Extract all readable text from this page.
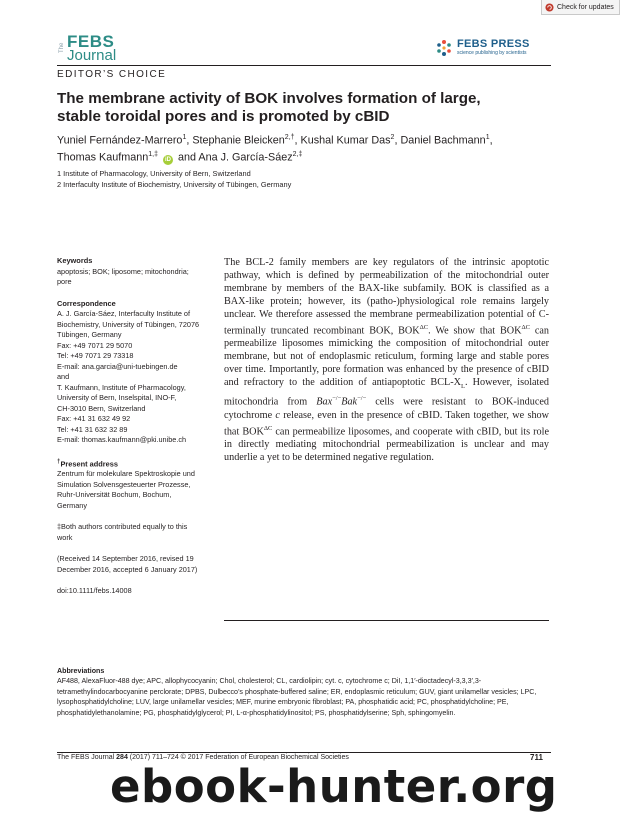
Check for updates
The FEBS
Journal
FEBS PRESS
science publishing by scientists
EDITOR’S CHOICE
The membrane activity of BOK involves formation of large,
stable toroidal pores and is promoted by cBID
Yuniel Fernández-Marrero$^1$, Stephanie Bleicken$^{2,\dagger}$, Kushal Kumar Das$^2$, Daniel Bachmann$^1$,
Thomas Kaufmann$^{1,\ddagger}$ iD and Ana J. García-Sáez$^{2,\ddagger}$
1 Institute of Pharmacology, University of Bern, Switzerland
2 Interfaculty Institute of Biochemistry, University of Tübingen, Germany
Keywords
apoptosis; BOK; liposome; mitochondria;
pore
Correspondence
A. J. García-Sáez, Interfaculty Institute of
Biochemistry, University of Tübingen, 72076
Tübingen, Germany
Fax: +49 7071 29 5070
Tel: +49 7071 29 73318
E-mail: ana.garcia@uni-tuebingen.de
and
T. Kaufmann, Institute of Pharmacology,
University of Bern, Inselspital, INO-F,
CH-3010 Bern, Switzerland
Fax: +41 31 632 49 92
Tel: +41 31 632 32 89
E-mail: thomas.kaufmann@pki.unibe.ch
†Present address
Zentrum für molekulare Spektroskopie und
Simulation Solvensgesteuerter Prozesse,
Ruhr-Universität Bochum, Bochum,
Germany
‡Both authors contributed equally to this
work
(Received 14 September 2016, revised 19
December 2016, accepted 6 January 2017)
doi:10.1111/febs.14008
The BCL-2 family members are key regulators of the intrinsic apoptotic pathway, which is defined by permeabilization of the mitochondrial outer membrane by members of the BAX-like subfamily. BOK is classified as a BAX-like protein; however, its (patho-)physiological role remains largely unclear. We therefore assessed the membrane permeabilization potential of C-terminally truncated recombinant BOK, $BOK^{\Delta C}$. We show that $BOK^{\Delta C}$ can permeabilize liposomes mimicking the composition of mitochondrial outer membrane, but not of endoplasmic reticulum, forming large and stable pores over time. Importantly, pore formation was enhanced by the presence of cBID and refractory to the addition of antiapoptotic BCL-$X_L$. However, isolated mitochondria from Bax−/−Bak−/− cells were resistant to BOK-induced cytochrome c release, even in the presence of cBID. Taken together, we show that $BOK^{\Delta C}$ can permeabilize liposomes, and cooperate with cBID, but its role in directly mediating mitochondrial permeabilization is unclear and may underlie a yet to be determined negative regulation.
Abbreviations
AF488, AlexaFluor-488 dye; APC, allophycocyanin; Chol, cholesterol; CL, cardiolipin; cyt. c, cytochrome c; DiI, 1,1′-dioctadecyl-3,3,3′,3-tetramethylindocarbocyanine perclorate; DPBS, Dulbecco’s phosphate-buffered saline; ER, endoplasmic reticulum; GUV, giant unilamellar vesicles; LPC, lysophosphatidylcholine; LUV, large unilamellar vesicles; MEF, murine embryonic fibroblast; PA, phosphatidic acid; PC, phosphatidylcholine; PE, phosphatidylethanolamine; PG, phosphatidylglycerol; PI, L-α-phosphatidylinositol; PS, phosphatidylserine; Sph, sphingomyelin.
The FEBS Journal 284 (2017) 711–724 © 2017 Federation of European Biochemical Societies	711
ebook-hunter.org
